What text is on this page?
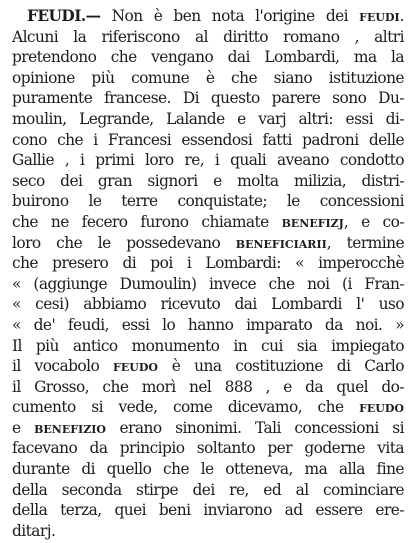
FEUDI.— Non è ben nota l'origine dei feudi.
Alcuni la riferiscono al diritto romano , altri
pretendono che vengano dai Lombardi, ma la
opinione più comune è che siano istituzione
puramente francese. Di questo parere sono Du-
moulin, Legrande, Lalande e varj altri: essi di-
cono che i Francesi essendosi fatti padroni delle
Gallie , i primi loro re, i quali aveano condotto
seco dei gran signori e molta milizia, distri-
buirono le terre conquistate; le concessioni
che ne fecero furono chiamate benefizj, e co-
loro che le possedevano beneficiarii, termine
che presero di poi i Lombardi: « imperocchè
« (aggiunge Dumoulin) invece che noi (i Fran-
« cesi) abbiamo ricevuto dai Lombardi l' uso
« de' feudi, essi lo hanno imparato da noi. »
Il più antico monumento in cui sia impiegato
il vocabolo feudo è una costituzione di Carlo
il Grosso, che morì nel 888 , e da quel do-
cumento si vede, come dicevamo, che feudo
e benefizio erano sinonimi. Tali concessioni si
facevano da principio soltanto per goderne vita
durante di quello che le otteneva, ma alla fine
della seconda stirpe dei re, ed al cominciare
della terza, quei beni inviarono ad essere ere-
ditarj.
